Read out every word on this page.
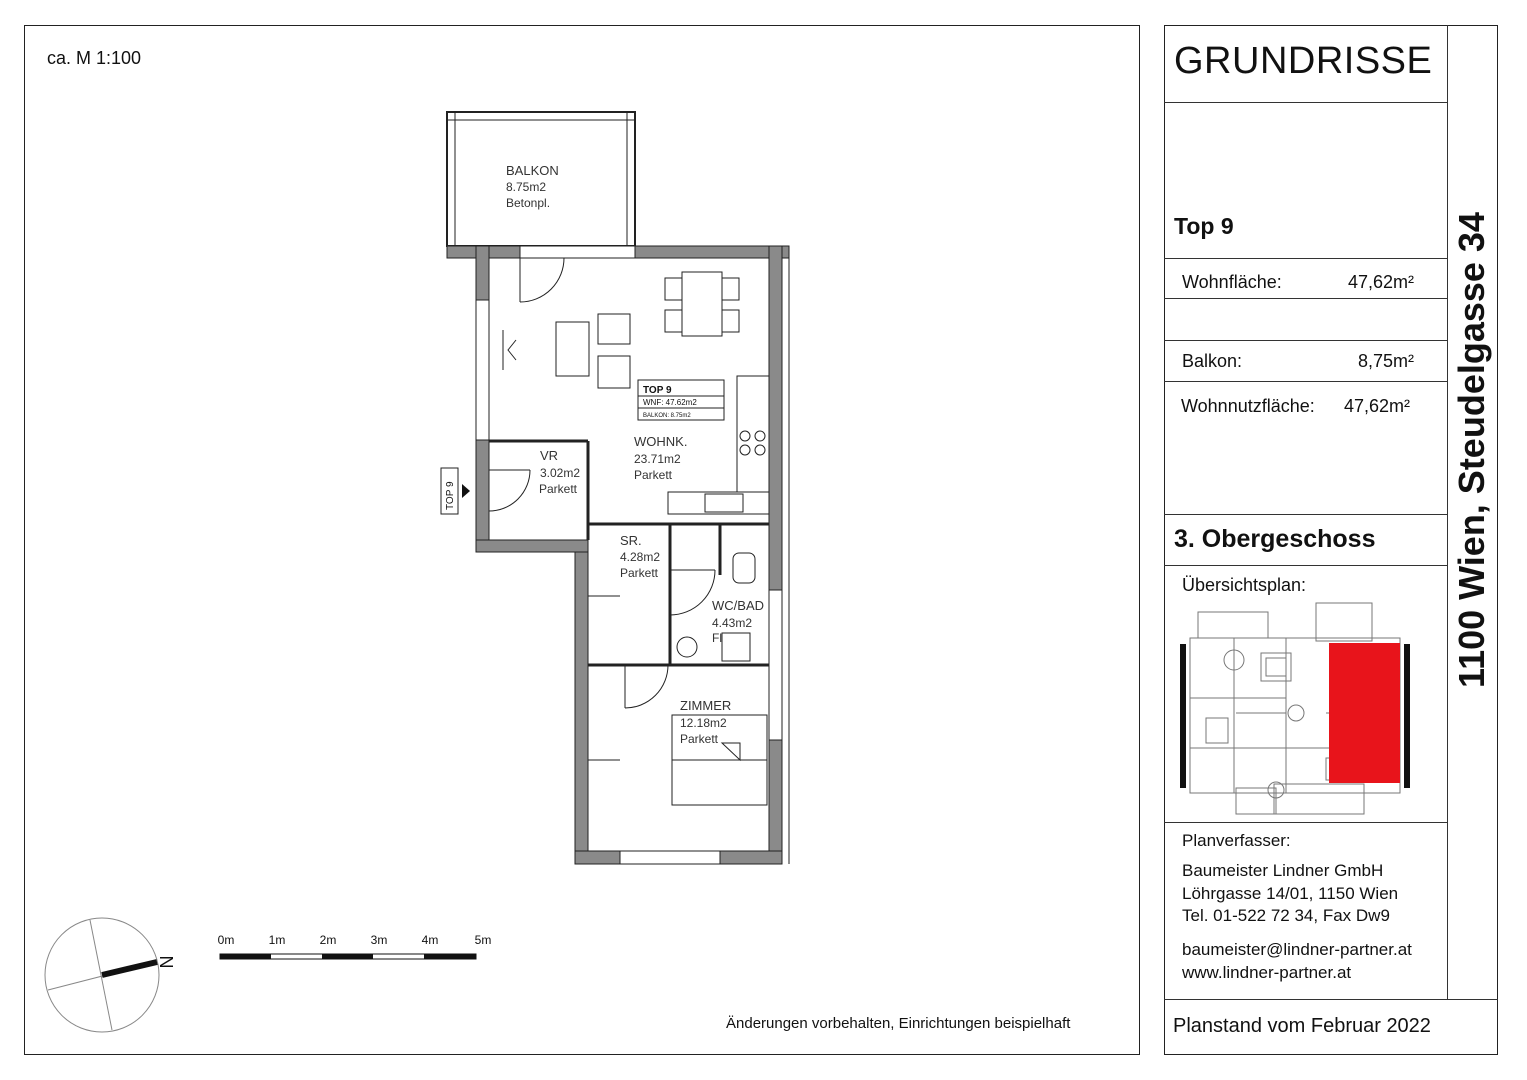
ca. M 1:100
Änderungen vorbehalten, Einrichtungen beispielhaft
BALKON
8.75m2
Betonpl.
WOHNK.
23.71m2
Parkett
VR
3.02m2
Parkett
SR.
4.28m2
Parkett
WC/BAD
4.43m2
Fl
ZIMMER
12.18m2
Parkett
TOP 9
WNF: 47.62m2
BALKON: 8.75m2
TOP 9
N
0m	1m	2m	3m	4m	5m
GRUNDRISSE
Top 9
Wohnfläche:	47,62m²
Balkon:	8,75m²
Wohnnutzfläche: 47,62m²
3. Obergeschoss
Übersichtsplan:
Planverfasser:
Baumeister Lindner GmbH
Löhrgasse 14/01, 1150 Wien
Tel. 01-522 72 34, Fax Dw9
baumeister@lindner-partner.at
www.lindner-partner.at
Planstand vom Februar 2022
1100 Wien, Steudelgasse 34
